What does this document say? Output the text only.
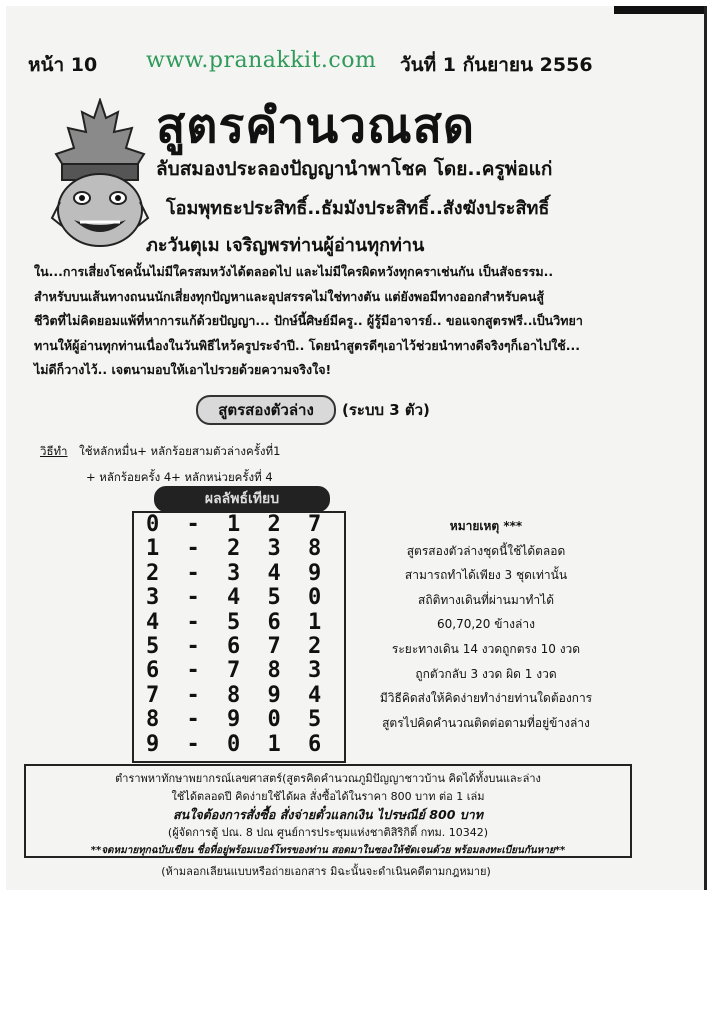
หน้า 10 www.pranakkit.com วันที่ 1 กันยายน 2556
สูตรคำนวณสด
ลับสมองประลองปัญญานำพาโชค โดย..ครูพ่อแก่
โอมพุทธะประสิทธิ์..ธัมมังประสิทธิ์..สังฆังประสิทธิ์
ภะวันตุเม เจริญพรท่านผู้อ่านทุกท่าน

ใน...การเสี่ยงโชคนั้นไม่มีใครสมหวังได้ตลอดไป และไม่มีใครผิดหวังทุกคราเช่นกัน เป็นสัจธรรม..

สำหรับบนเส้นทางถนนนักเสี่ยงทุกปัญหาและอุปสรรคไม่ใช่ทางตัน แต่ยังพอมีทางออกสำหรับคนสู้

ชีวิตที่ไม่คิดยอมแพ้ที่หาการแก้ด้วยปัญญา... ปักษ์นี้ศิษย์มีครู.. ผู้รู้มีอาจารย์.. ขอแจกสูตรฟรี..เป็นวิทยา

ทานให้ผู้อ่านทุกท่านเนื่องในวันพิธีไหว้ครูประจำปี.. โดยนำสูตรดีๆเอาไว้ช่วยนำทางดีจริงๆก็เอาไปใช้...

ไม่ดีก็วางไว้.. เจตนามอบให้เอาไปรวยด้วยความจริงใจ!

สูตรสองตัวล่าง	(ระบบ 3 ตัว)
วิธีทำ ใช้หลักหมื่น+ หลักร้อยสามตัวล่างครั้งที่1
+ หลักร้อยครั้ง 4+ หลักหน่วยครั้งที่ 4
ผลลัพธ์เทียบ
0 - 1 2 7
1 - 2 3 8
2 - 3 4 9
3 - 4 5 0
4 - 5 6 1
5 - 6 7 2
6 - 7 8 3
7 - 8 9 4
8 - 9 0 5
9 - 0 1 6

หมายเหตุ ***

สูตรสองตัวล่างชุดนี้ใช้ได้ตลอด

สามารถทำได้เพียง 3 ชุดเท่านั้น

สถิติทางเดินที่ผ่านมาทำได้

60,70,20 ข้างล่าง

ระยะทางเดิน 14 งวดถูกตรง 10 งวด

ถูกตัวกลับ 3 งวด ผิด 1 งวด

มีวิธีคิดส่งให้คิดง่ายทำง่ายท่านใดต้องการ

สูตรไปคิดคำนวณติดต่อตามที่อยู่ข้างล่าง

ตำราพหาทักษาพยากรณ์เลขศาสตร์(สูตรคิดคำนวณภูมิปัญญาชาวบ้าน คิดได้ทั้งบนและล่าง

ใช้ได้ตลอดปี คิดง่ายใช้ได้ผล สั่งซื้อได้ในราคา 800 บาท ต่อ 1 เล่ม

สนใจต้องการสั่งซื้อ สั่งจ่ายตั๋วแลกเงิน ไปรษณีย์ 800 บาท

(ผู้จัดการตู้ ปณ. 8 ปณ ศูนย์การประชุมแห่งชาติสิริกิติ์ กทม. 10342)

**จดหมายทุกฉบับเขียน ชื่อที่อยู่พร้อมเบอร์โทรของท่าน สอดมาในซองให้ชัดเจนด้วย พร้อมลงทะเบียนกันหาย**

(ห้ามลอกเลียนแบบหรือถ่ายเอกสาร มิฉะนั้นจะดำเนินคดีตามกฎหมาย)
